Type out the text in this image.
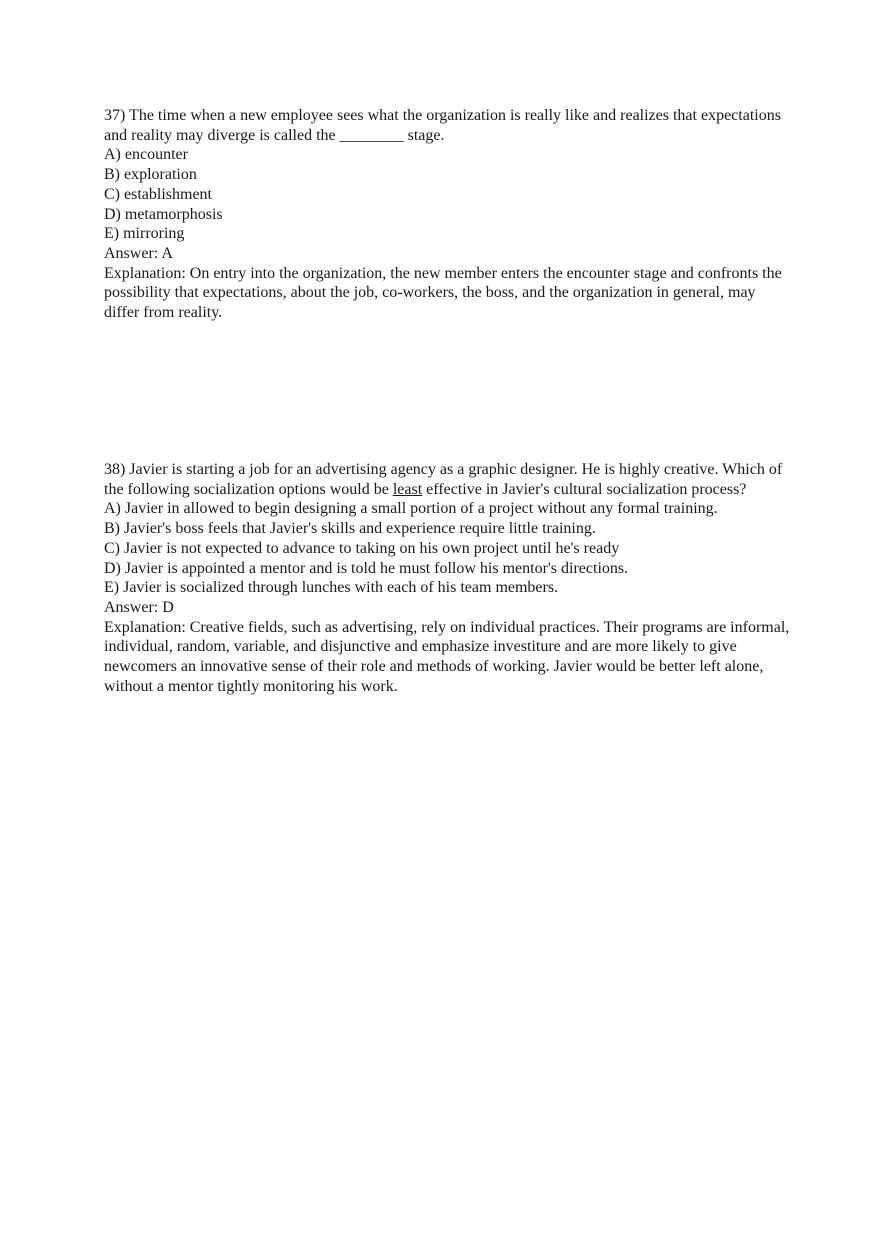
37) The time when a new employee sees what the organization is really like and realizes that expectations and reality may diverge is called the ________ stage.
A) encounter
B) exploration
C) establishment
D) metamorphosis
E) mirroring
Answer: A
Explanation: On entry into the organization, the new member enters the encounter stage and confronts the possibility that expectations, about the job, co-workers, the boss, and the organization in general, may differ from reality.
38) Javier is starting a job for an advertising agency as a graphic designer. He is highly creative. Which of the following socialization options would be least effective in Javier's cultural socialization process?
A) Javier in allowed to begin designing a small portion of a project without any formal training.
B) Javier's boss feels that Javier's skills and experience require little training.
C) Javier is not expected to advance to taking on his own project until he's ready
D) Javier is appointed a mentor and is told he must follow his mentor's directions.
E) Javier is socialized through lunches with each of his team members.
Answer: D
Explanation: Creative fields, such as advertising, rely on individual practices. Their programs are informal, individual, random, variable, and disjunctive and emphasize investiture and are more likely to give newcomers an innovative sense of their role and methods of working. Javier would be better left alone, without a mentor tightly monitoring his work.
